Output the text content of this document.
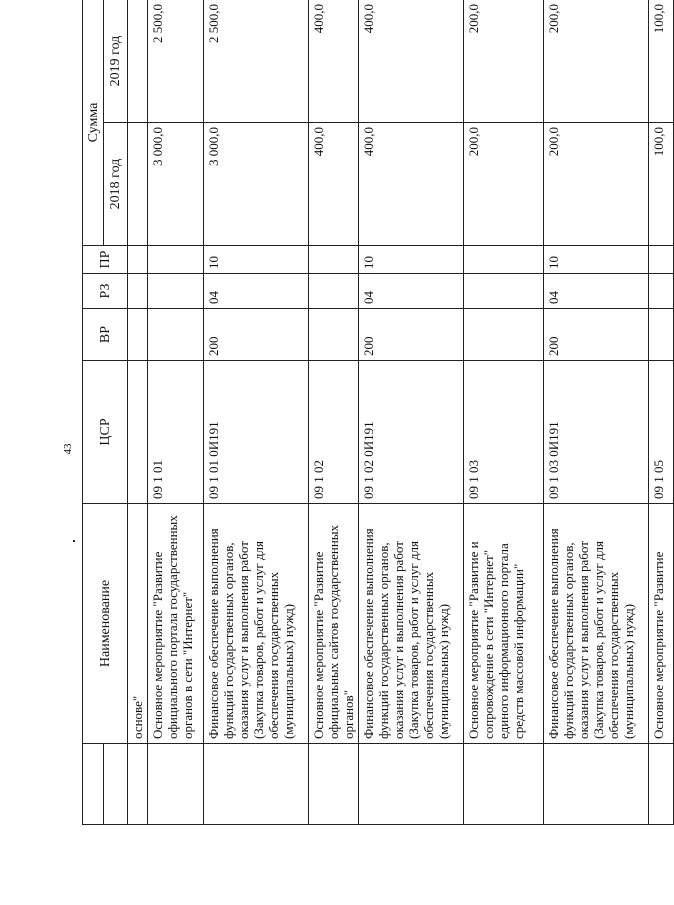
43
	Наименование	ЦСР	ВР	РЗ	ПР	Сумма	
						2018 год	2019 год
	основе"						
	Основное мероприятие "Развитие официального портала государственных органов в сети "Интернет"	09 1 01				3 000,0	2 500,0
	Финансовое обеспечение выполнения функций государственных органов, оказания услуг и выполнения работ (Закупка товаров, работ и услуг для обеспечения государственных (муниципальных) нужд)	09 1 01 0И191	200	04	10	3 000,0	2 500,0
	Основное мероприятие "Развитие официальных сайтов государственных органов"	09 1 02				400,0	400,0
	Финансовое обеспечение выполнения функций государственных органов, оказания услуг и выполнения работ (Закупка товаров, работ и услуг для обеспечения государственных (муниципальных) нужд)	09 1 02 0И191	200	04	10	400,0	400,0
	Основное мероприятие "Развитие и сопровождение в сети "Интернет" единого информационного портала средств массовой информации"	09 1 03				200,0	200,0
	Финансовое обеспечение выполнения функций государственных органов, оказания услуг и выполнения работ (Закупка товаров, работ и услуг для обеспечения государственных (муниципальных) нужд)	09 1 03 0И191	200	04	10	200,0	200,0
	Основное мероприятие "Развитие	09 1 05				100,0	100,0
